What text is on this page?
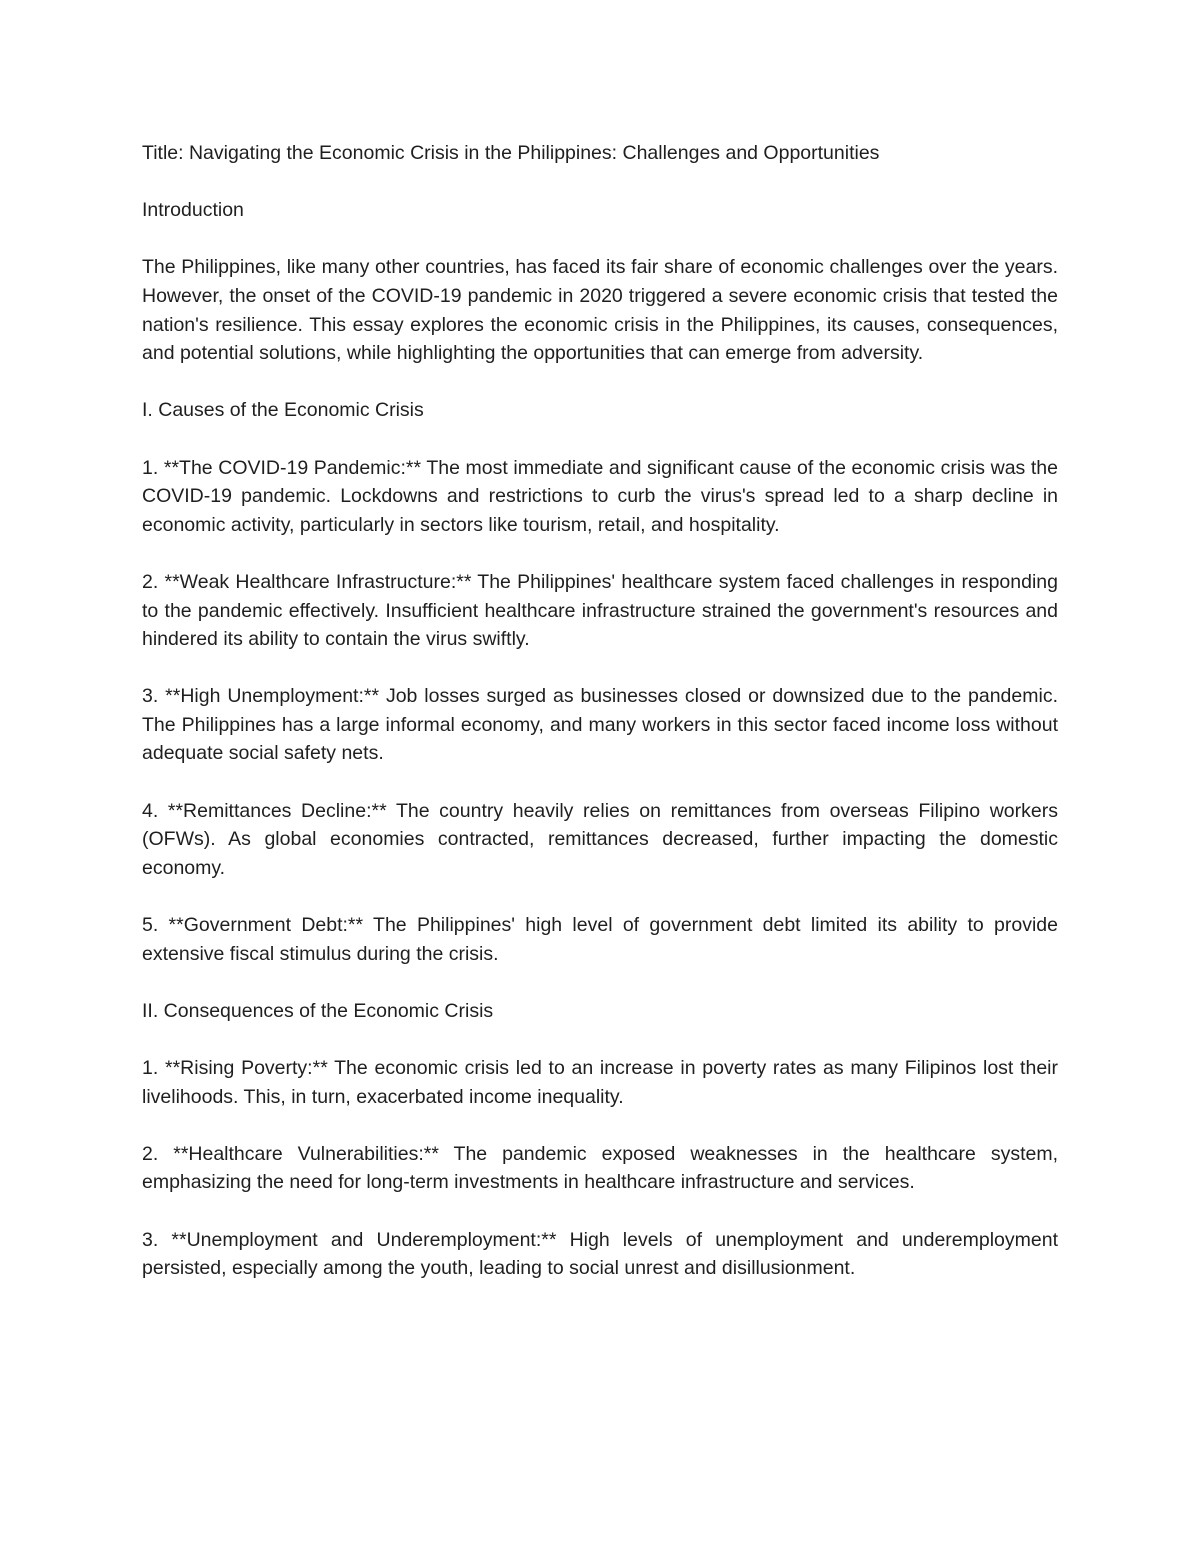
Title: Navigating the Economic Crisis in the Philippines: Challenges and Opportunities

Introduction

The Philippines, like many other countries, has faced its fair share of economic challenges over the years. However, the onset of the COVID-19 pandemic in 2020 triggered a severe economic crisis that tested the nation's resilience. This essay explores the economic crisis in the Philippines, its causes, consequences, and potential solutions, while highlighting the opportunities that can emerge from adversity.

I. Causes of the Economic Crisis

1. **The COVID-19 Pandemic:** The most immediate and significant cause of the economic crisis was the COVID-19 pandemic. Lockdowns and restrictions to curb the virus's spread led to a sharp decline in economic activity, particularly in sectors like tourism, retail, and hospitality.

2. **Weak Healthcare Infrastructure:** The Philippines' healthcare system faced challenges in responding to the pandemic effectively. Insufficient healthcare infrastructure strained the government's resources and hindered its ability to contain the virus swiftly.

3. **High Unemployment:** Job losses surged as businesses closed or downsized due to the pandemic. The Philippines has a large informal economy, and many workers in this sector faced income loss without adequate social safety nets.

4. **Remittances Decline:** The country heavily relies on remittances from overseas Filipino workers (OFWs). As global economies contracted, remittances decreased, further impacting the domestic economy.

5. **Government Debt:** The Philippines' high level of government debt limited its ability to provide extensive fiscal stimulus during the crisis.

II. Consequences of the Economic Crisis

1. **Rising Poverty:** The economic crisis led to an increase in poverty rates as many Filipinos lost their livelihoods. This, in turn, exacerbated income inequality.

2. **Healthcare Vulnerabilities:** The pandemic exposed weaknesses in the healthcare system, emphasizing the need for long-term investments in healthcare infrastructure and services.

3. **Unemployment and Underemployment:** High levels of unemployment and underemployment persisted, especially among the youth, leading to social unrest and disillusionment.
